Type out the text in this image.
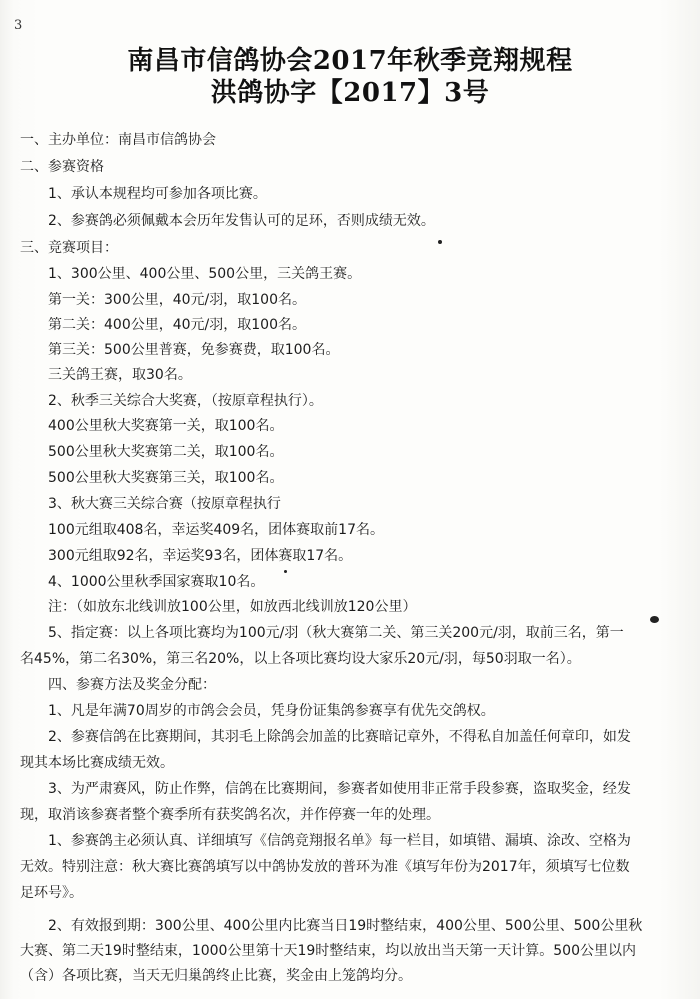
3
南昌市信鸽协会2017年秋季竞翔规程
洪鸽协字【2017】3号
一、主办单位：南昌市信鸽协会
二、参赛资格
1、承认本规程均可参加各项比赛。
2、参赛鸽必须佩戴本会历年发售认可的足环，否则成绩无效。
三、竞赛项目：
1、300公里、400公里、500公里，三关鸽王赛。
第一关：300公里，40元/羽，取100名。
第二关：400公里，40元/羽，取100名。
第三关：500公里普赛，免参赛费，取100名。
三关鸽王赛，取30名。
2、秋季三关综合大奖赛，（按原章程执行）。
400公里秋大奖赛第一关，取100名。
500公里秋大奖赛第二关，取100名。
500公里秋大奖赛第三关，取100名。
3、秋大赛三关综合赛（按原章程执行
100元组取408名，幸运奖409名，团体赛取前17名。
300元组取92名，幸运奖93名，团体赛取17名。
4、1000公里秋季国家赛取10名。
注：（如放东北线训放100公里，如放西北线训放120公里）
5、指定赛：以上各项比赛均为100元/羽（秋大赛第二关、第三关200元/羽，取前三名，第一
名45%，第二名30%，第三名20%，以上各项比赛均设大家乐20元/羽，每50羽取一名）。
四、参赛方法及奖金分配：
1、凡是年满70周岁的市鸽会会员，凭身份证集鸽参赛享有优先交鸽权。
2、参赛信鸽在比赛期间，其羽毛上除鸽会加盖的比赛暗记章外，不得私自加盖任何章印，如发
现其本场比赛成绩无效。
3、为严肃赛风，防止作弊，信鸽在比赛期间，参赛者如使用非正常手段参赛，盗取奖金，经发
现，取消该参赛者整个赛季所有获奖鸽名次，并作停赛一年的处理。
1、参赛鸽主必须认真、详细填写《信鸽竞翔报名单》每一栏目，如填错、漏填、涂改、空格为
无效。特别注意：秋大赛比赛鸽填写以中鸽协发放的普环为准《填写年份为2017年，须填写七位数
足环号》。
2、有效报到期：300公里、400公里内比赛当日19时整结束，400公里、500公里、500公里秋
大赛、第二天19时整结束，1000公里第十天19时整结束，均以放出当天第一天计算。500公里以内
（含）各项比赛，当天无归巢鸽终止比赛，奖金由上笼鸽均分。
